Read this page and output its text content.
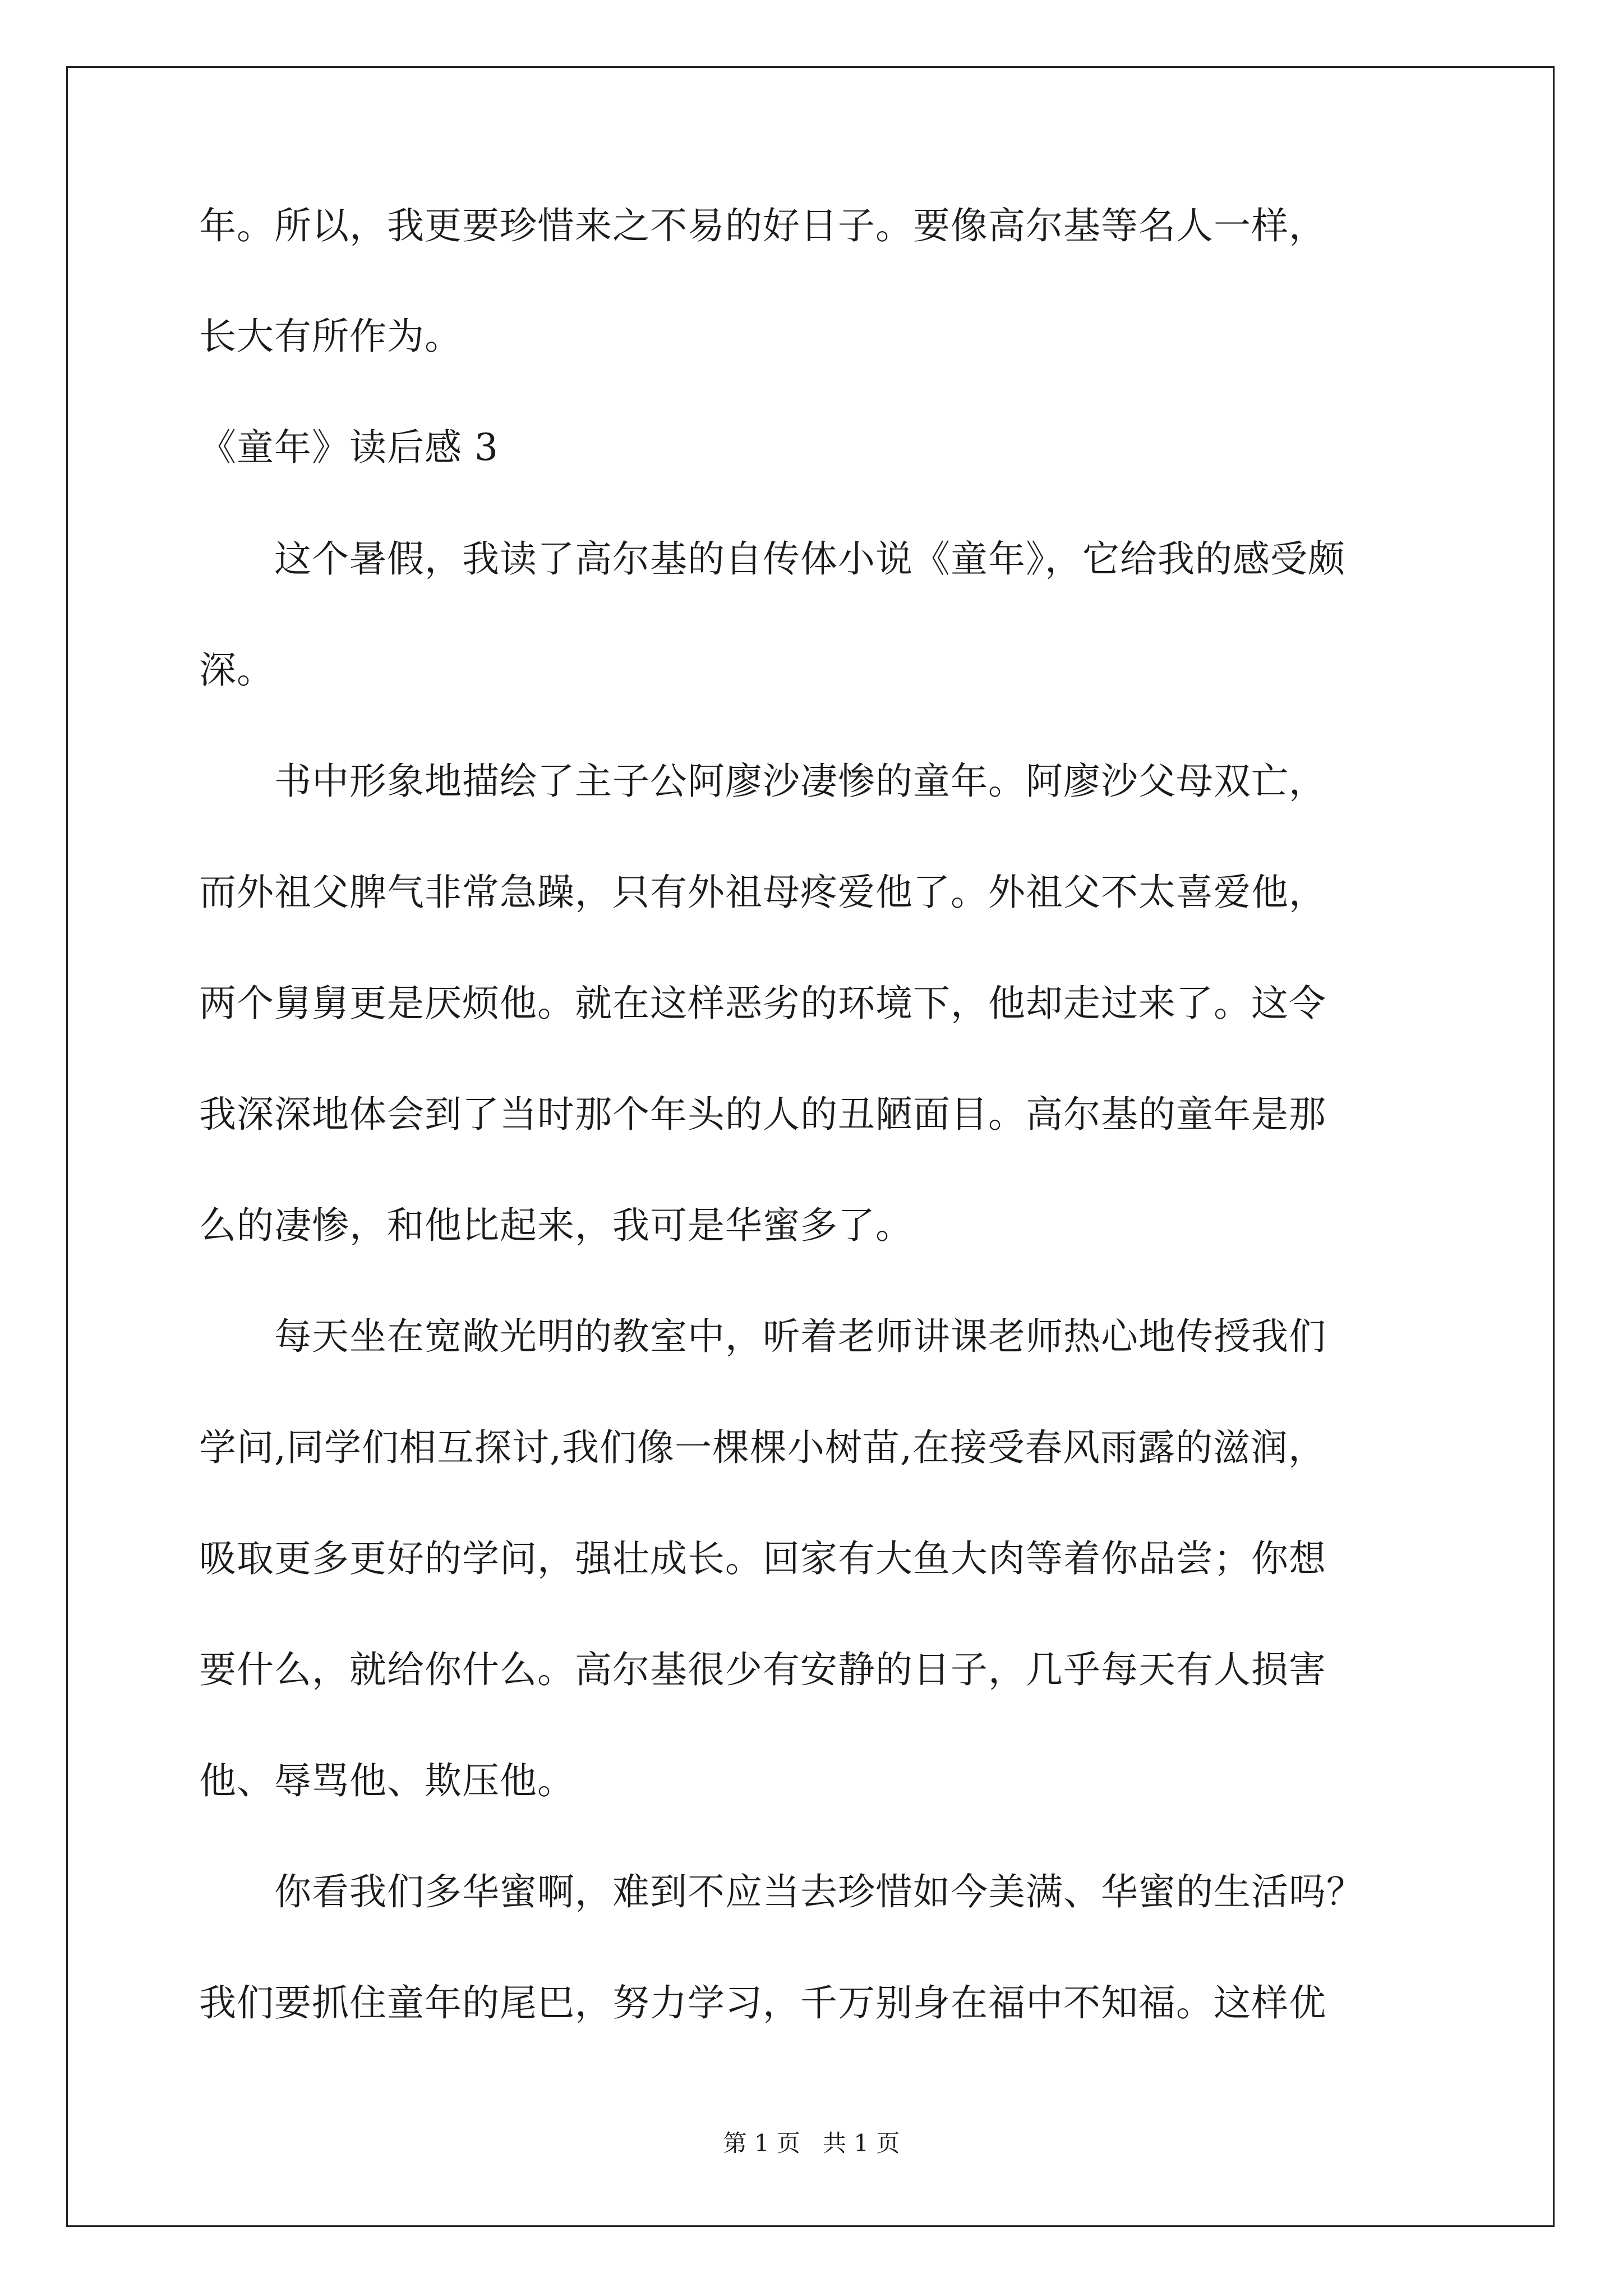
年。所以，我更要珍惜来之不易的好日子。要像高尔基等名人一样，
长大有所作为。
《童年》读后感 3
　　这个暑假，我读了高尔基的自传体小说《童年》，它给我的感受颇
深。
　　书中形象地描绘了主子公阿廖沙凄惨的童年。阿廖沙父母双亡，
而外祖父脾气非常急躁，只有外祖母疼爱他了。外祖父不太喜爱他，
两个舅舅更是厌烦他。就在这样恶劣的环境下，他却走过来了。这令
我深深地体会到了当时那个年头的人的丑陋面目。高尔基的童年是那
么的凄惨，和他比起来，我可是华蜜多了。
　　每天坐在宽敞光明的教室中，听着老师讲课老师热心地传授我们
学问,同学们相互探讨,我们像一棵棵小树苗,在接受春风雨露的滋润，
吸取更多更好的学问，强壮成长。回家有大鱼大肉等着你品尝；你想
要什么，就给你什么。高尔基很少有安静的日子，几乎每天有人损害
他、辱骂他、欺压他。
　　你看我们多华蜜啊，难到不应当去珍惜如今美满、华蜜的生活吗？
我们要抓住童年的尾巴，努力学习，千万别身在福中不知福。这样优
第 1 页 共 1 页
